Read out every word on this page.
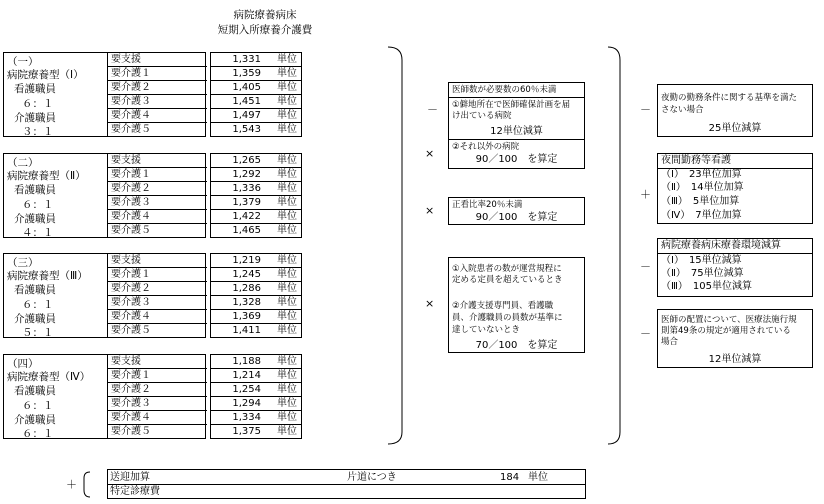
病院療養病床
短期入所療養介護費
（一）
病院療養型（Ⅰ）
看護職員
６：１
介護職員
３：１
要支援
要介護１
要介護２
要介護３
要介護４
要介護５
1,331 単位
1,359 単位
1,405 単位
1,451 単位
1,497 単位
1,543 単位
（二）
病院療養型（Ⅱ）
看護職員
６：１
介護職員
４：１
要支援
要介護１
要介護２
要介護３
要介護４
要介護５
1,265 単位
1,292 単位
1,336 単位
1,379 単位
1,422 単位
1,465 単位
（三）
病院療養型（Ⅲ）
看護職員
６：１
介護職員
５：１
要支援
要介護１
要介護２
要介護３
要介護４
要介護５
1,219 単位
1,245 単位
1,286 単位
1,328 単位
1,369 単位
1,411 単位
（四）
病院療養型（Ⅳ）
看護職員
６：１
介護職員
６：１
要支援
要介護１
要介護２
要介護３
要介護４
要介護５
1,188 単位
1,214 単位
1,254 単位
1,294 単位
1,334 単位
1,375 単位
－
×
×
×
医師数が必要数の60％未満
①僻地所在で医師確保計画を届
け出ている病院
12単位減算
②それ以外の病院
90／100　を算定
正看比率20％未満
90／100　を算定
①入院患者の数が運営規程に
定める定員を超えているとき
②介護支援専門員、看護職
員、介護職員の員数が基準に
達していないとき
70／100　を算定
－
＋
－
－
夜勤の勤務条件に関する基準を満た
さない場合
25単位減算
夜間勤務等看護
（Ⅰ）　23単位加算
（Ⅱ）　14単位加算
（Ⅲ）　5単位加算
（Ⅳ）　7単位加算
病院療養病床療養環境減算
（Ⅰ）　15単位減算
（Ⅱ）　75単位減算
（Ⅲ）　105単位減算
医師の配置について、医療法施行規
則第49条の規定が適用されている
場合
12単位減算
＋
送迎加算	片道につき	184 単位
特定診療費
